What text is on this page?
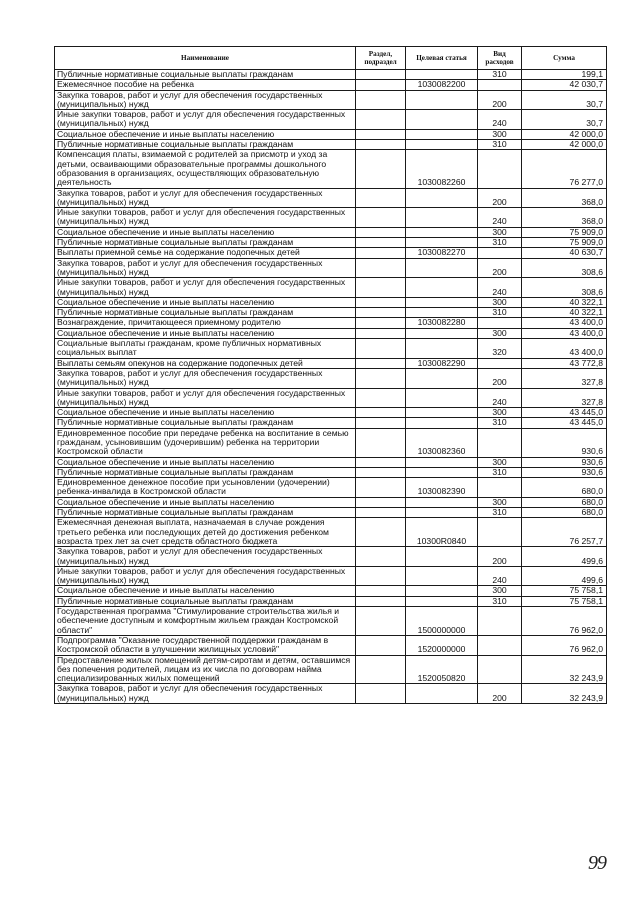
Наименование	Раздел, подраздел	Целевая статья	Вид расходов	Сумма
Публичные нормативные социальные выплаты гражданам			310	199,1
Ежемесячное пособие на ребенка		1030082200		42 030,7
Закупка товаров, работ и услуг для обеспечения государственных (муниципальных) нужд			200	30,7
Иные закупки товаров, работ и услуг для обеспечения государственных (муниципальных) нужд			240	30,7
Социальное обеспечение и иные выплаты населению			300	42 000,0
Публичные нормативные социальные выплаты гражданам			310	42 000,0
Компенсация платы, взимаемой с родителей за присмотр и уход за детьми, осваивающими образовательные программы дошкольного образования в организациях, осуществляющих образовательную деятельность		1030082260		76 277,0
Закупка товаров, работ и услуг для обеспечения государственных (муниципальных) нужд			200	368,0
Иные закупки товаров, работ и услуг для обеспечения государственных (муниципальных) нужд			240	368,0
Социальное обеспечение и иные выплаты населению			300	75 909,0
Публичные нормативные социальные выплаты гражданам			310	75 909,0
Выплаты приемной семье на содержание подопечных детей		1030082270		40 630,7
Закупка товаров, работ и услуг для обеспечения государственных (муниципальных) нужд			200	308,6
Иные закупки товаров, работ и услуг для обеспечения государственных (муниципальных) нужд			240	308,6
Социальное обеспечение и иные выплаты населению			300	40 322,1
Публичные нормативные социальные выплаты гражданам			310	40 322,1
Вознаграждение, причитающееся приемному родителю		1030082280		43 400,0
Социальное обеспечение и иные выплаты населению			300	43 400,0
Социальные выплаты гражданам, кроме публичных нормативных социальных выплат			320	43 400,0
Выплаты семьям опекунов на содержание подопечных детей		1030082290		43 772,8
Закупка товаров, работ и услуг для обеспечения государственных (муниципальных) нужд			200	327,8
Иные закупки товаров, работ и услуг для обеспечения государственных (муниципальных) нужд			240	327,8
Социальное обеспечение и иные выплаты населению			300	43 445,0
Публичные нормативные социальные выплаты гражданам			310	43 445,0
Единовременное пособие при передаче ребенка на воспитание в семью гражданам, усыновившим (удочерившим) ребенка на территории Костромской области		1030082360		930,6
Социальное обеспечение и иные выплаты населению			300	930,6
Публичные нормативные социальные выплаты гражданам			310	930,6
Единовременное денежное пособие при усыновлении (удочерении) ребенка-инвалида в Костромской области		1030082390		680,0
Социальное обеспечение и иные выплаты населению			300	680,0
Публичные нормативные социальные выплаты гражданам			310	680,0
Ежемесячная денежная выплата, назначаемая в случае рождения третьего ребенка или последующих детей до достижения ребенком возраста трех лет за счет средств областного бюджета		10300R0840		76 257,7
Закупка товаров, работ и услуг для обеспечения государственных (муниципальных) нужд			200	499,6
Иные закупки товаров, работ и услуг для обеспечения государственных (муниципальных) нужд			240	499,6
Социальное обеспечение и иные выплаты населению			300	75 758,1
Публичные нормативные социальные выплаты гражданам			310	75 758,1
Государственная программа "Стимулирование строительства жилья и обеспечение доступным и комфортным жильем граждан Костромской области"		1500000000		76 962,0
Подпрограмма "Оказание государственной поддержки гражданам в Костромской области в улучшении жилищных условий"		1520000000		76 962,0
Предоставление жилых помещений детям-сиротам и детям, оставшимся без попечения родителей, лицам из их числа по договорам найма специализированных жилых помещений		1520050820		32 243,9
Закупка товаров, работ и услуг для обеспечения государственных (муниципальных) нужд			200	32 243,9
99
